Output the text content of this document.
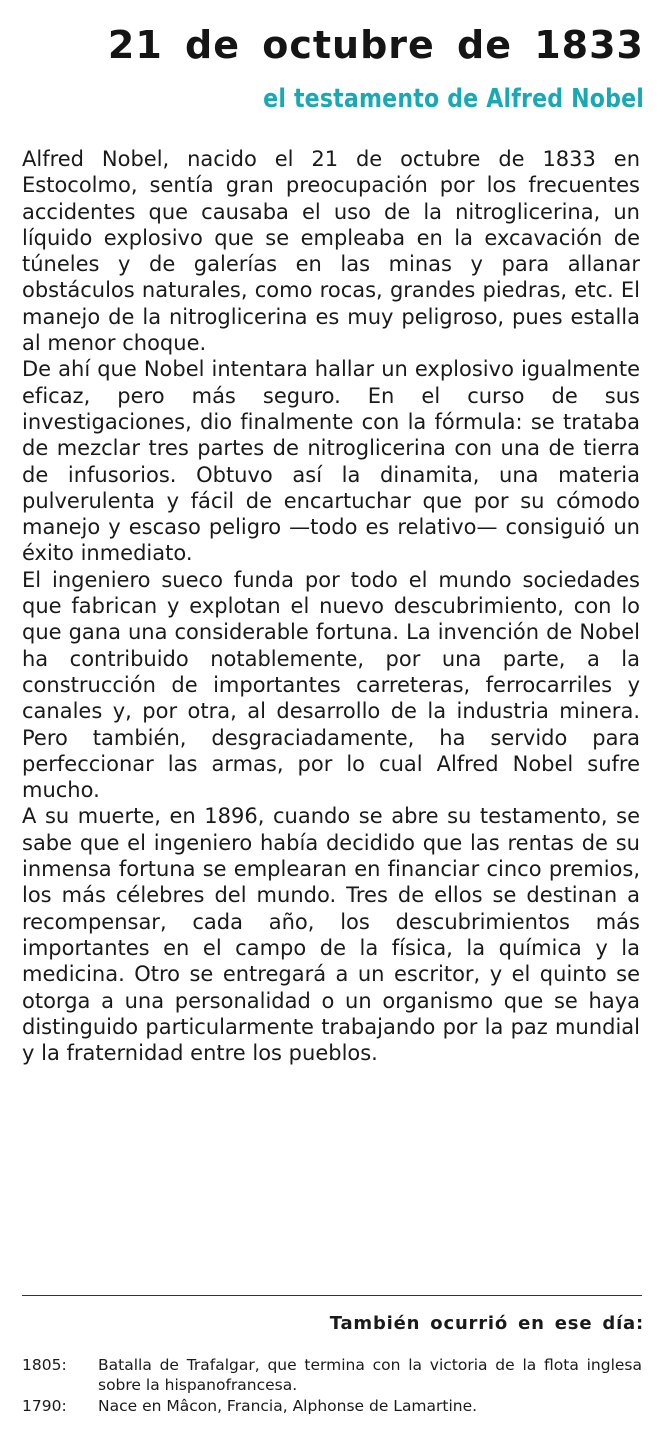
21 de octubre de 1833
el testamento de Alfred Nobel

Alfred Nobel, nacido el 21 de octubre de 1833 en Estocolmo, sentía gran preocupación por los frecuentes accidentes que causaba el uso de la nitroglicerina, un líquido explosivo que se empleaba en la excavación de túneles y de galerías en las minas y para allanar obstáculos naturales, como rocas, grandes piedras, etc. El manejo de la nitroglicerina es muy peligroso, pues estalla al menor choque.

De ahí que Nobel intentara hallar un explosivo igualmente eficaz, pero más seguro. En el curso de sus investigaciones, dio finalmente con la fórmula: se trataba de mezclar tres partes de nitroglicerina con una de tierra de infusorios. Obtuvo así la dinamita, una materia pulverulenta y fácil de encartuchar que por su cómodo manejo y escaso peligro —todo es relativo— consiguió un éxito inmediato.

El ingeniero sueco funda por todo el mundo sociedades que fabrican y explotan el nuevo descubrimiento, con lo que gana una considerable fortuna. La invención de Nobel ha contribuido notablemente, por una parte, a la construcción de importantes carreteras, ferrocarriles y canales y, por otra, al desarrollo de la industria minera. Pero también, desgraciadamente, ha servido para perfeccionar las armas, por lo cual Alfred Nobel sufre mucho.

A su muerte, en 1896, cuando se abre su testamento, se sabe que el ingeniero había decidido que las rentas de su inmensa fortuna se emplearan en financiar cinco premios, los más célebres del mundo. Tres de ellos se destinan a recompensar, cada año, los descubrimientos más importantes en el campo de la física, la química y la medicina. Otro se entregará a un escritor, y el quinto se otorga a una personalidad o un organismo que se haya distinguido particularmente trabajando por la paz mundial y la fraternidad entre los pueblos.

También ocurrió en ese día:
1805:	Batalla de Trafalgar, que termina con la victoria de la flota inglesa sobre la hispanofrancesa.
1790:	Nace en Mâcon, Francia, Alphonse de Lamartine.
